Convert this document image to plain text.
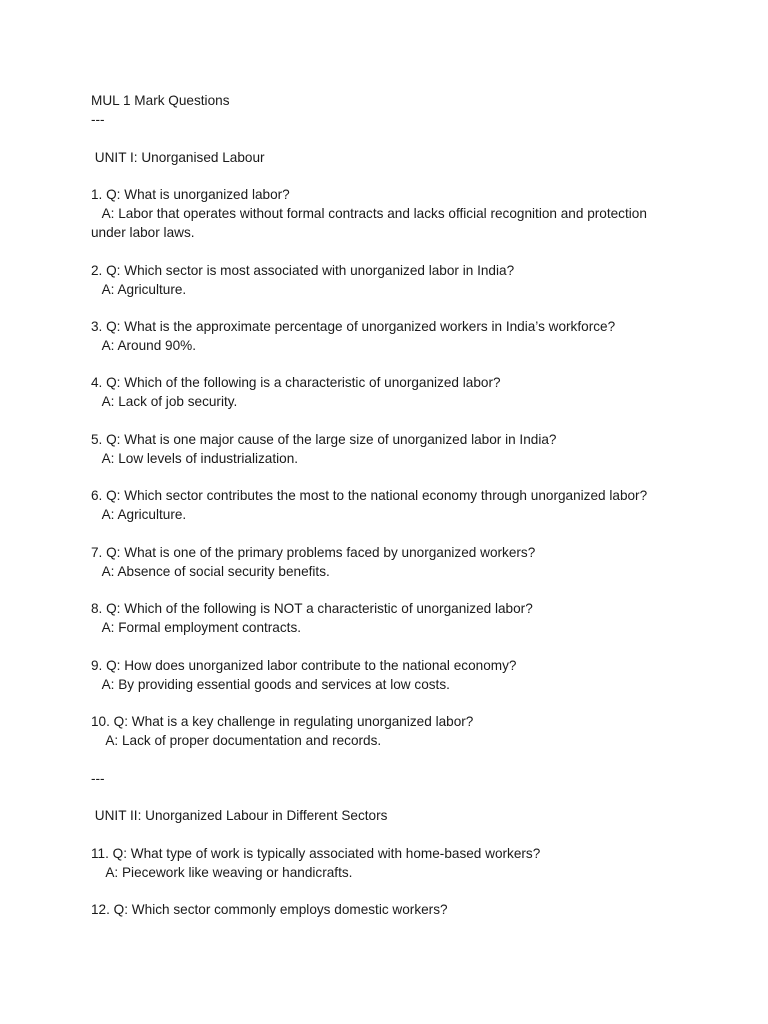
MUL 1 Mark Questions

---

UNIT I: Unorganised Labour

1. Q: What is unorganized labor?

A: Labor that operates without formal contracts and lacks official recognition and protection

under labor laws.

2. Q: Which sector is most associated with unorganized labor in India?

A: Agriculture.

3. Q: What is the approximate percentage of unorganized workers in India’s workforce?

A: Around 90%.

4. Q: Which of the following is a characteristic of unorganized labor?

A: Lack of job security.

5. Q: What is one major cause of the large size of unorganized labor in India?

A: Low levels of industrialization.

6. Q: Which sector contributes the most to the national economy through unorganized labor?

A: Agriculture.

7. Q: What is one of the primary problems faced by unorganized workers?

A: Absence of social security benefits.

8. Q: Which of the following is NOT a characteristic of unorganized labor?

A: Formal employment contracts.

9. Q: How does unorganized labor contribute to the national economy?

A: By providing essential goods and services at low costs.

10. Q: What is a key challenge in regulating unorganized labor?

A: Lack of proper documentation and records.

---

UNIT II: Unorganized Labour in Different Sectors

11. Q: What type of work is typically associated with home-based workers?

A: Piecework like weaving or handicrafts.

12. Q: Which sector commonly employs domestic workers?
